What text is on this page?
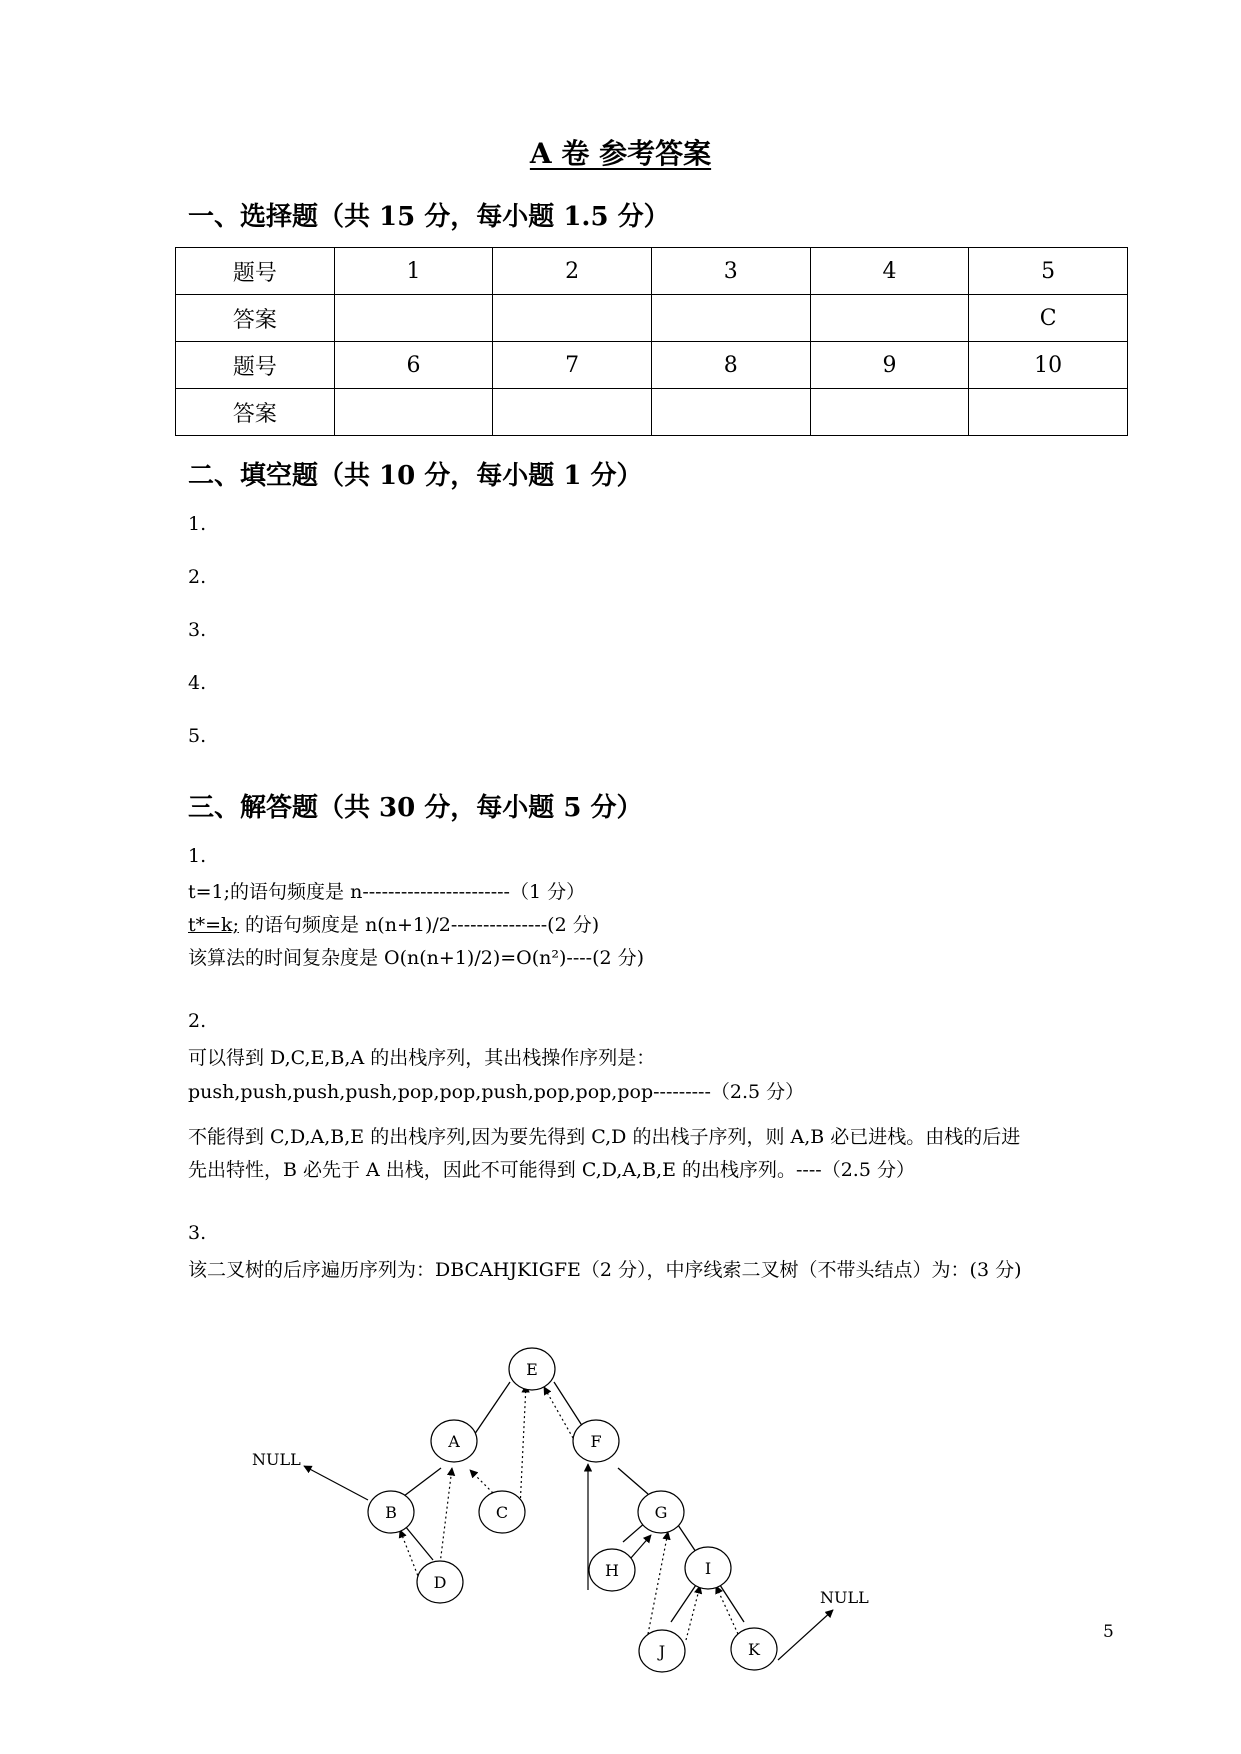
A 卷 参考答案
一、选择题（共 15 分，每小题 1.5 分）
题号	1	2	3	4	5
答案					C
题号	6	7	8	9	10
答案					
二、填空题（共 10 分，每小题 1 分）
1.
2.
3.
4.
5.
三、解答题（共 30 分，每小题 5 分）
1.
t=1;的语句频度是 n-----------------------（1 分）
t*=k; 的语句频度是 n(n+1)/2---------------(2 分)
该算法的时间复杂度是 O(n(n+1)/2)=O(n²)----(2 分)
2.
可以得到 D,C,E,B,A 的出栈序列，其出栈操作序列是：
push,push,push,push,pop,pop,push,pop,pop,pop---------（2.5 分）
不能得到 C,D,A,B,E 的出栈序列,因为要先得到 C,D 的出栈子序列，则 A,B 必已进栈。由栈的后进
先出特性，B 必先于 A 出栈，因此不可能得到 C,D,A,B,E 的出栈序列。----（2.5 分）
3.
该二叉树的后序遍历序列为：DBCAHJKIGFE（2 分），中序线索二叉树（不带头结点）为：(3 分)
E
A	F
B	C	G
D
H	I
J	K
NULL
NULL
5
